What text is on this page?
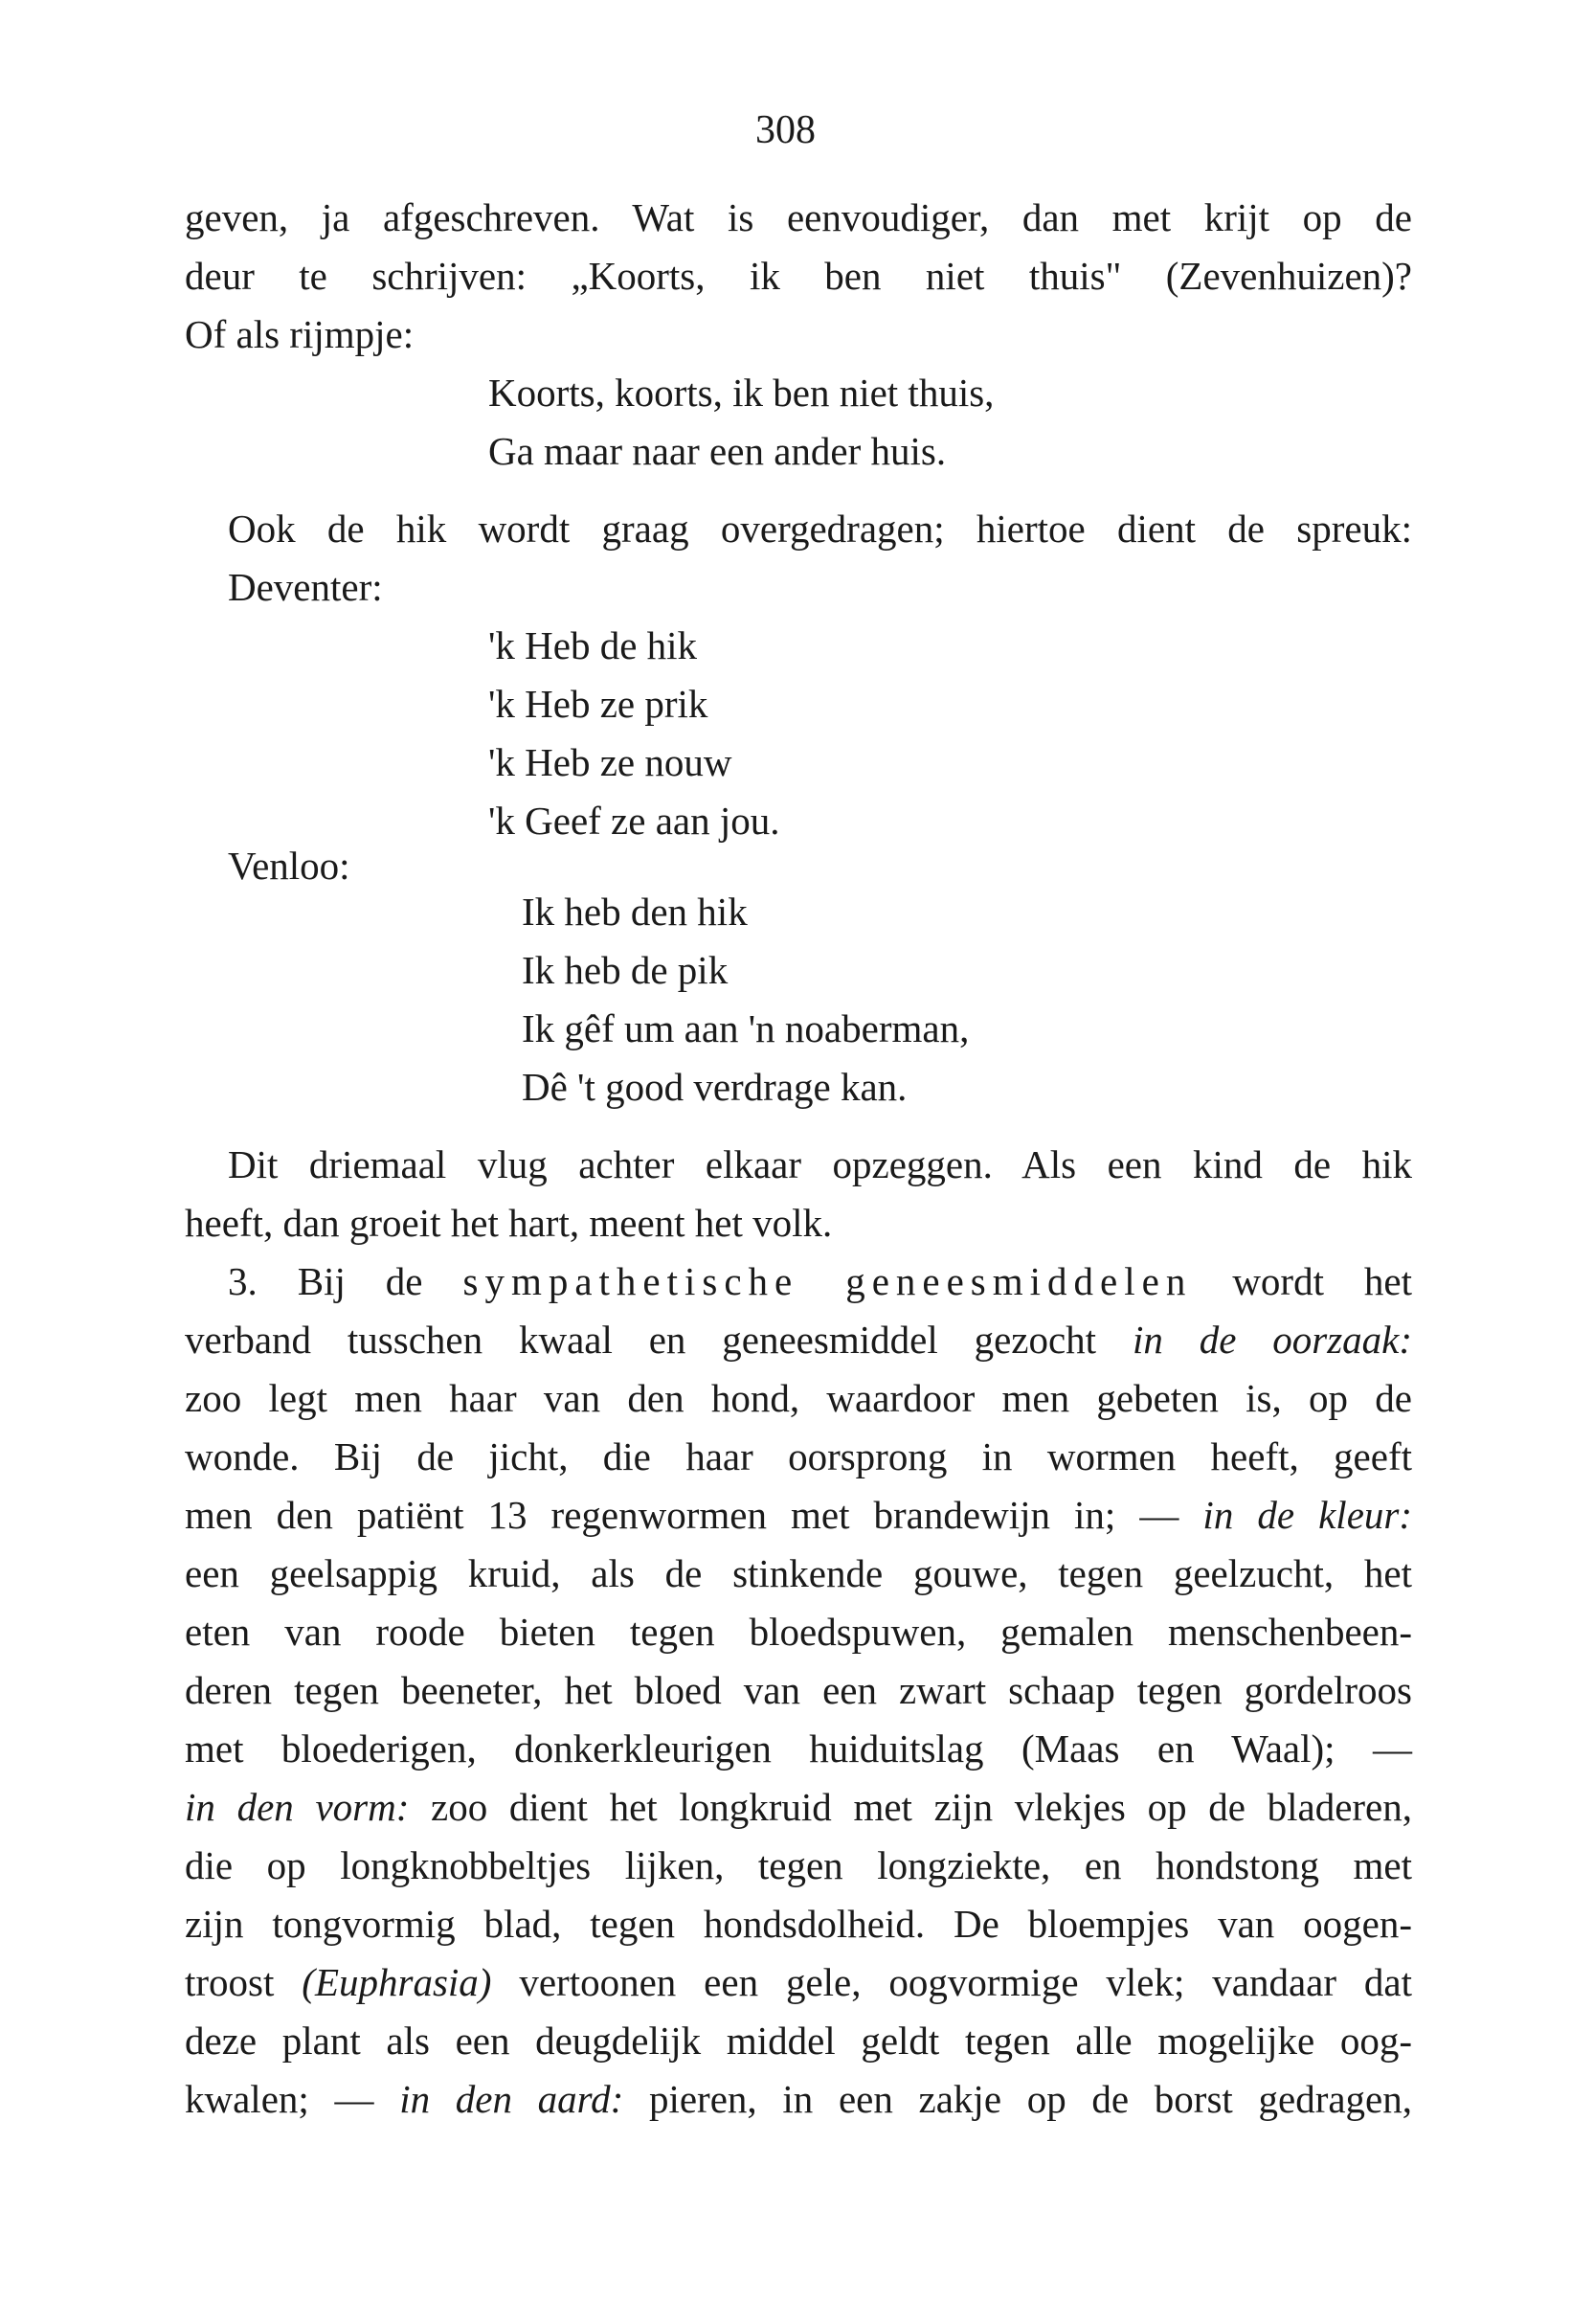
308
geven, ja afgeschreven. Wat is eenvoudiger, dan met krijt op de
deur te schrijven: „Koorts, ik ben niet thuis" (Zevenhuizen)?
Of als rijmpje:
Koorts, koorts, ik ben niet thuis,
Ga maar naar een ander huis.
Ook de hik wordt graag overgedragen; hiertoe dient de spreuk:
Deventer:
'k Heb de hik
'k Heb ze prik
'k Heb ze nouw
'k Geef ze aan jou.
Venloo:
Ik heb den hik
Ik heb de pik
Ik gêf um aan 'n noaberman,
Dê 't good verdrage kan.
Dit driemaal vlug achter elkaar opzeggen. Als een kind de hik
heeft, dan groeit het hart, meent het volk.
3. Bij de sympathetische geneesmiddelen wordt het
verband tusschen kwaal en geneesmiddel gezocht in de oorzaak:
zoo legt men haar van den hond, waardoor men gebeten is, op de
wonde. Bij de jicht, die haar oorsprong in wormen heeft, geeft
men den patiënt 13 regenwormen met brandewijn in; — in de kleur:
een geelsappig kruid, als de stinkende gouwe, tegen geelzucht, het
eten van roode bieten tegen bloedspuwen, gemalen menschenbeen-
deren tegen beeneter, het bloed van een zwart schaap tegen gordelroos
met bloederigen, donkerkleurigen huiduitslag (Maas en Waal); —
in den vorm: zoo dient het longkruid met zijn vlekjes op de bladeren,
die op longknobbeltjes lijken, tegen longziekte, en hondstong met
zijn tongvormig blad, tegen hondsdolheid. De bloempjes van oogen-
troost (Euphrasia) vertoonen een gele, oogvormige vlek; vandaar dat
deze plant als een deugdelijk middel geldt tegen alle mogelijke oog-
kwalen; — in den aard: pieren, in een zakje op de borst gedragen,
